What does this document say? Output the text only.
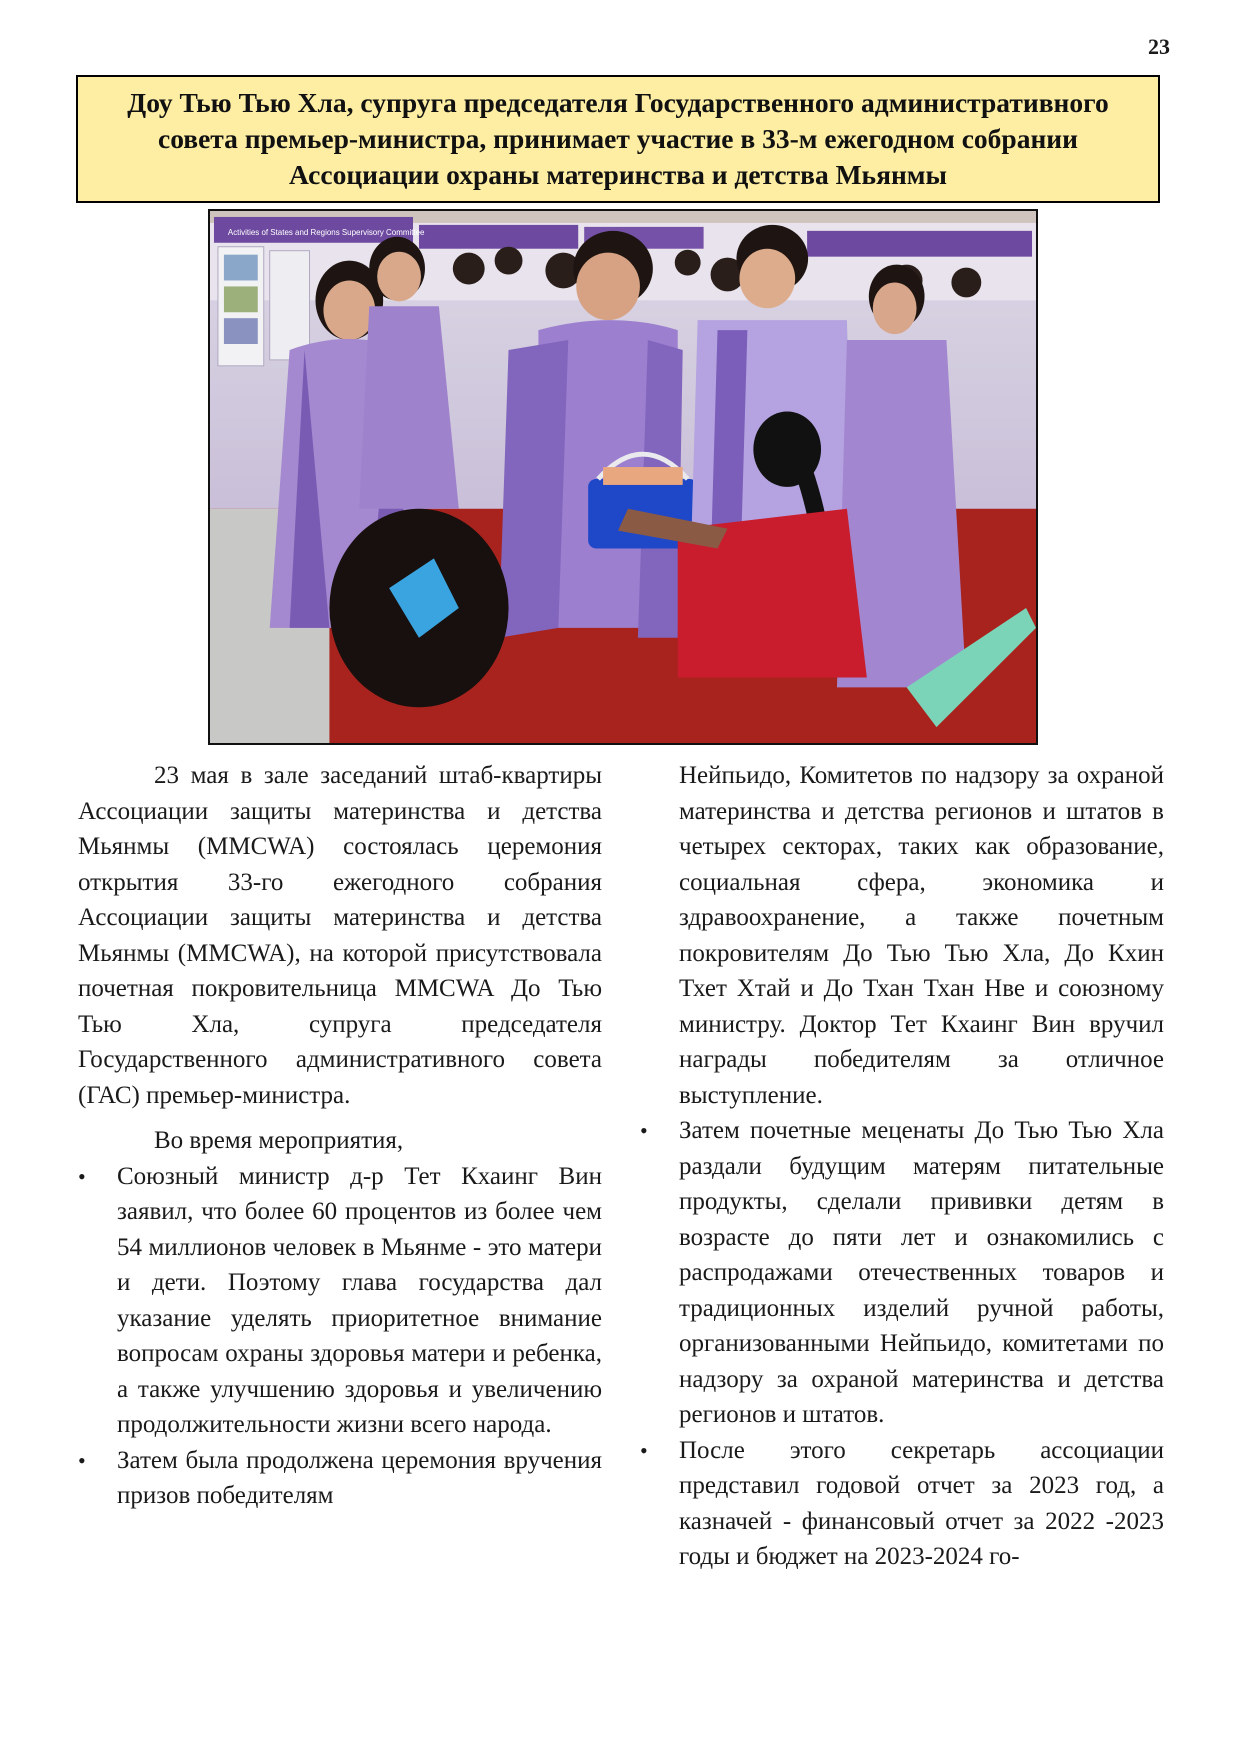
23
Доу Тью Тью Хла, супруга председателя Государственного административного совета премьер-министра, принимает участие в 33-м ежегодном собрании Ассоциации охраны материнства и детства Мьянмы
Activities of States and Regions Supervisory Committee

23 мая в зале заседаний штаб-квартиры Ассоциации защиты материнства и детства Мьянмы (MMCWA) состоялась церемония открытия 33-го ежегодного собрания Ассоциации защиты материнства и детства Мьянмы (MMCWA), на которой присутствовала почетная покровительница MMCWA До Тью Тью Хла, супруга председателя Государственного административного совета (ГАС) премьер-министра.

Во время мероприятия,

• Союзный министр д-р Тет Кхаинг Вин заявил, что более 60 процентов из более чем 54 миллионов человек в Мьянме - это матери и дети. Поэтому глава государства дал указание уделять приоритетное внимание вопросам охраны здоровья матери и ребенка, а также улучшению здоровья и увеличению продолжительности жизни всего народа.

• Затем была продолжена церемония вручения призов победителям

Нейпьидо, Комитетов по надзору за охраной материнства и детства регионов и штатов в четырех секторах, таких как образование, социальная сфера, экономика и здравоохранение, а также почетным покровителям До Тью Тью Хла, До Кхин Тхет Хтай и До Тхан Тхан Нве и союзному министру. Доктор Тет Кхаинг Вин вручил награды победителям за отличное выступление.

• Затем почетные меценаты До Тью Тью Хла раздали будущим матерям питательные продукты, сделали прививки детям в возрасте до пяти лет и ознакомились с распродажами отечественных товаров и традиционных изделий ручной работы, организованными Нейпьидо, комитетами по надзору за охраной материнства и детства регионов и штатов.

• После этого секретарь ассоциации представил годовой отчет за 2023 год, а казначей - финансовый отчет за 2022 -2023 годы и бюджет на 2023-2024 го-
